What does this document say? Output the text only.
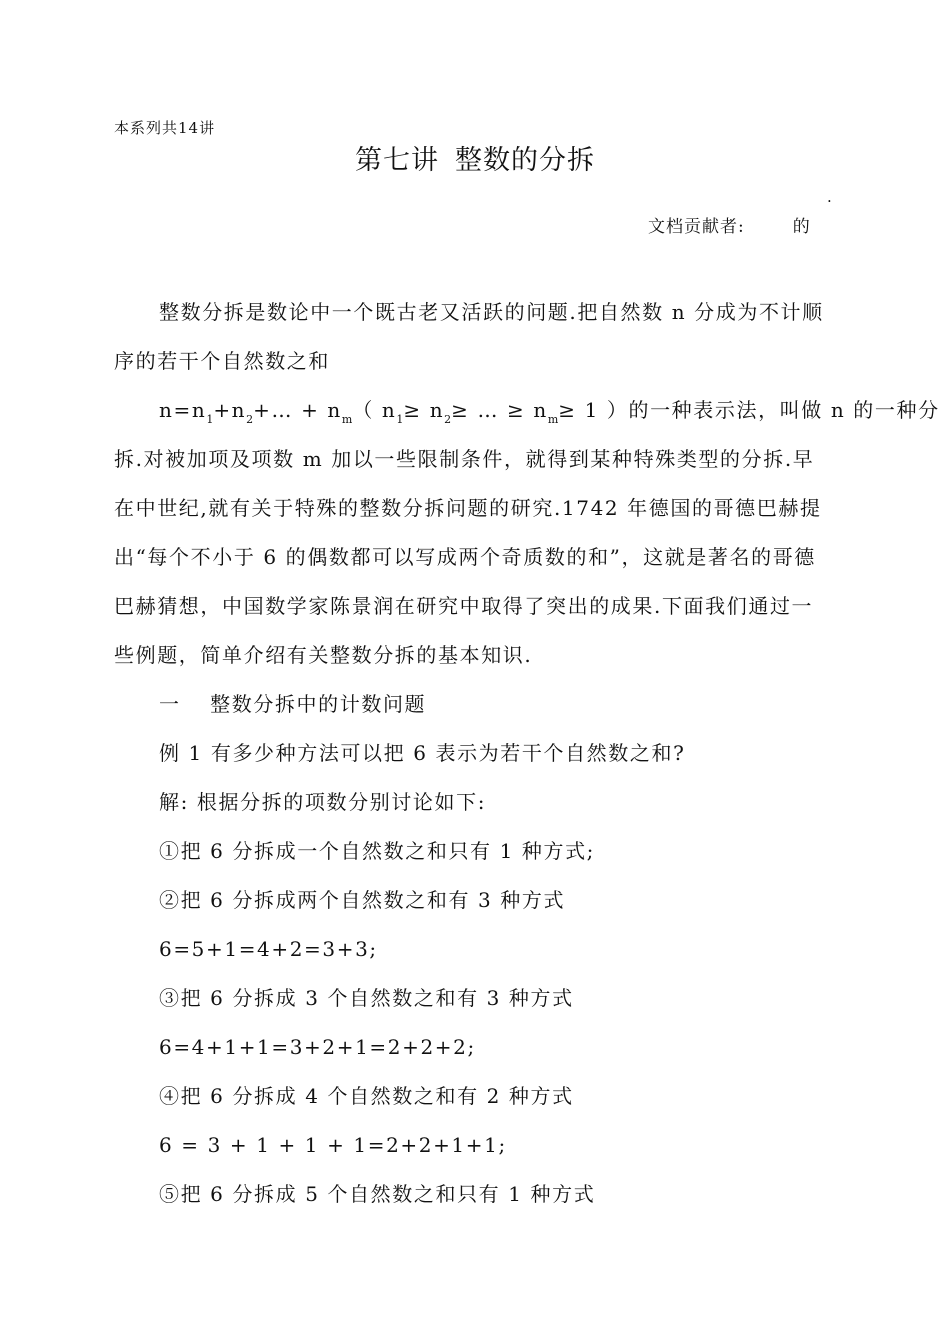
本系列共14讲
第七讲 整数的分拆
.
文档贡献者:	的

整数分拆是数论中一个既古老又活跃的问题.把自然数 n 分成为不计顺

序的若干个自然数之和

$n=n_1+n_2+\dots + n_m$（ $n_1\ge n_2\ge$ … ≥ $n_m\ge 1$ ）的一种表示法，叫做 n 的一种分

拆.对被加项及项数 m 加以一些限制条件，就得到某种特殊类型的分拆.早

在中世纪,就有关于特殊的整数分拆问题的研究.1742 年德国的哥德巴赫提

出“每个不小于 6 的偶数都可以写成两个奇质数的和”，这就是著名的哥德

巴赫猜想，中国数学家陈景润在研究中取得了突出的成果.下面我们通过一

些例题，简单介绍有关整数分拆的基本知识.

一　 整数分拆中的计数问题

例 1 有多少种方法可以把 6 表示为若干个自然数之和?

解: 根据分拆的项数分别讨论如下:

①把 6 分拆成一个自然数之和只有 1 种方式;

②把 6 分拆成两个自然数之和有 3 种方式

6=5+1=4+2=3+3;

③把 6 分拆成 3 个自然数之和有 3 种方式

6=4+1+1=3+2+1=2+2+2;

④把 6 分拆成 4 个自然数之和有 2 种方式

6 = 3 + 1 + 1 + 1=2+2+1+1;

⑤把 6 分拆成 5 个自然数之和只有 1 种方式
